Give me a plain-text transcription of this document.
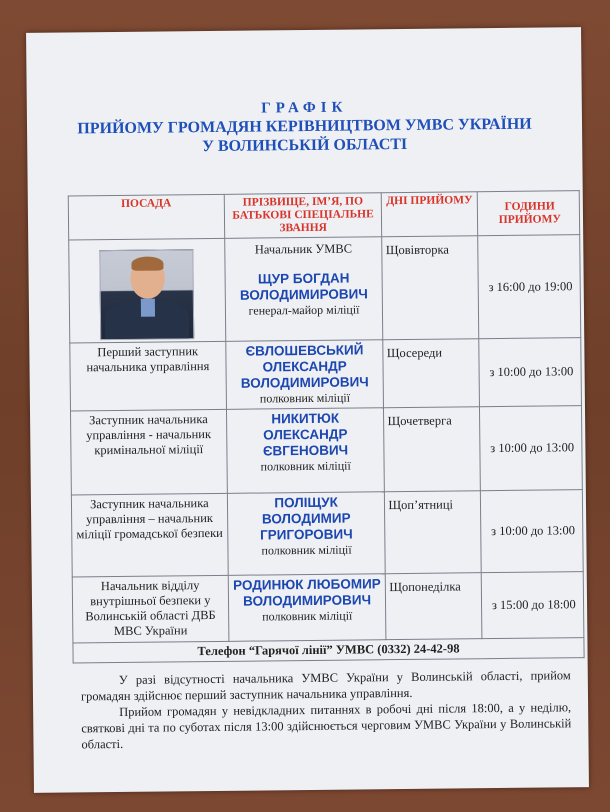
ГРАФІК
ПРИЙОМУ ГРОМАДЯН КЕРІВНИЦТВОМ УМВС УКРАЇНИ
У ВОЛИНСЬКІЙ ОБЛАСТІ
ПОСАДА	ПРІЗВИЩЕ, ІМ’Я, ПО БАТЬКОВІ СПЕЦІАЛЬНЕ ЗВАННЯ	ДНІ ПРИЙОМУ	ГОДИНИ ПРИЙОМУ

	Начальник УМВС
ЩУР БОГДАН ВОЛОДИМИРОВИЧ
генерал-майор міліції	Щовівторка	з 16:00 до 19:00
Перший заступник начальника управління	ЄВЛОШЕВСЬКИЙ ОЛЕКСАНДР ВОЛОДИМИРОВИЧ
полковник міліції	Щосереди	з 10:00 до 13:00
Заступник начальника управління - начальник кримінальної міліції	НИКИТЮК ОЛЕКСАНДР ЄВГЕНОВИЧ
полковник міліції	Щочетверга	з 10:00 до 13:00
Заступник начальника управління – начальник міліції громадської безпеки	ПОЛІЩУК ВОЛОДИМИР ГРИГОРОВИЧ
полковник міліції	Щоп’ятниці	з 10:00 до 13:00
Начальник відділу внутрішньої безпеки у Волинській області ДВБ МВС України	РОДИНЮК ЛЮБОМИР ВОЛОДИМИРОВИЧ
полковник міліції	Щопонеділка	з 15:00 до 18:00
Телефон “Гарячої лінії” УМВС (0332) 24-42-98			

У разі відсутності начальника УМВС України у Волинській області, прийом громадян здійснює перший заступник начальника управління.

Прийом громадян у невідкладних питаннях в робочі дні після 18:00, а у неділю, святкові дні та по суботах після 13:00 здійснюється черговим УМВС України у Волинській області.
